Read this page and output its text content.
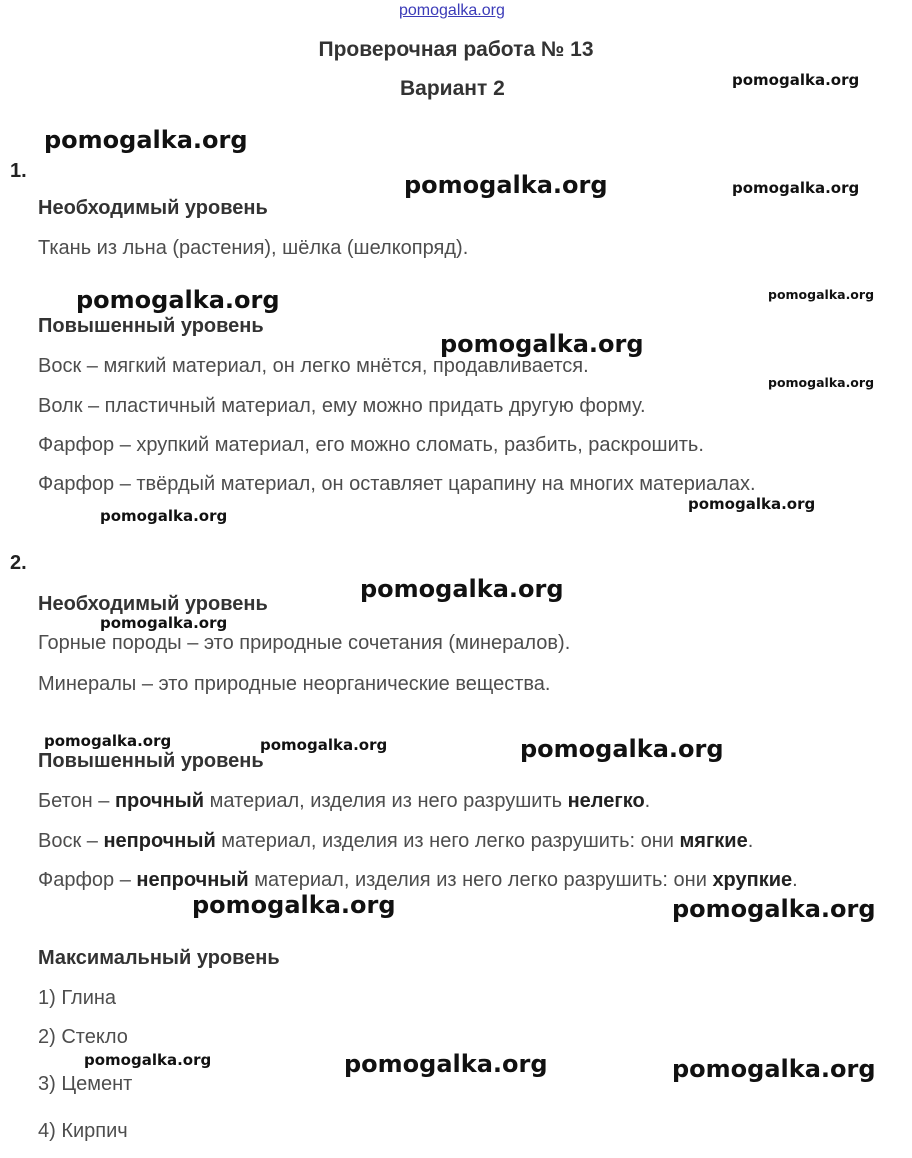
pomogalka.org
Проверочная работа № 13
Вариант 2
1.
Необходимый уровень
Ткань из льна (растения), шёлка (шелкопряд).
Повышенный уровень
Воск – мягкий материал, он легко мнётся, продавливается.
Волк – пластичный материал, ему можно придать другую форму.
Фарфор – хрупкий материал, его можно сломать, разбить, раскрошить.
Фарфор – твёрдый материал, он оставляет царапину на многих материалах.
2.
Необходимый уровень
Горные породы – это природные сочетания (минералов).
Минералы – это природные неорганические вещества.
Повышенный уровень
Бетон – прочный материал, изделия из него разрушить нелегко.
Воск – непрочный материал, изделия из него легко разрушить: они мягкие.
Фарфор – непрочный материал, изделия из него легко разрушить: они хрупкие.
Максимальный уровень
1) Глина
2) Стекло
3) Цемент
4) Кирпич
pomogalka.org
pomogalka.org
pomogalka.org	pomogalka.org
pomogalka.org	pomogalka.org
pomogalka.org
pomogalka.org
pomogalka.org
pomogalka.org
pomogalka.org
pomogalka.org
pomogalka.org	pomogalka.org	pomogalka.org
pomogalka.org	pomogalka.org
pomogalka.org	pomogalka.org	pomogalka.org
